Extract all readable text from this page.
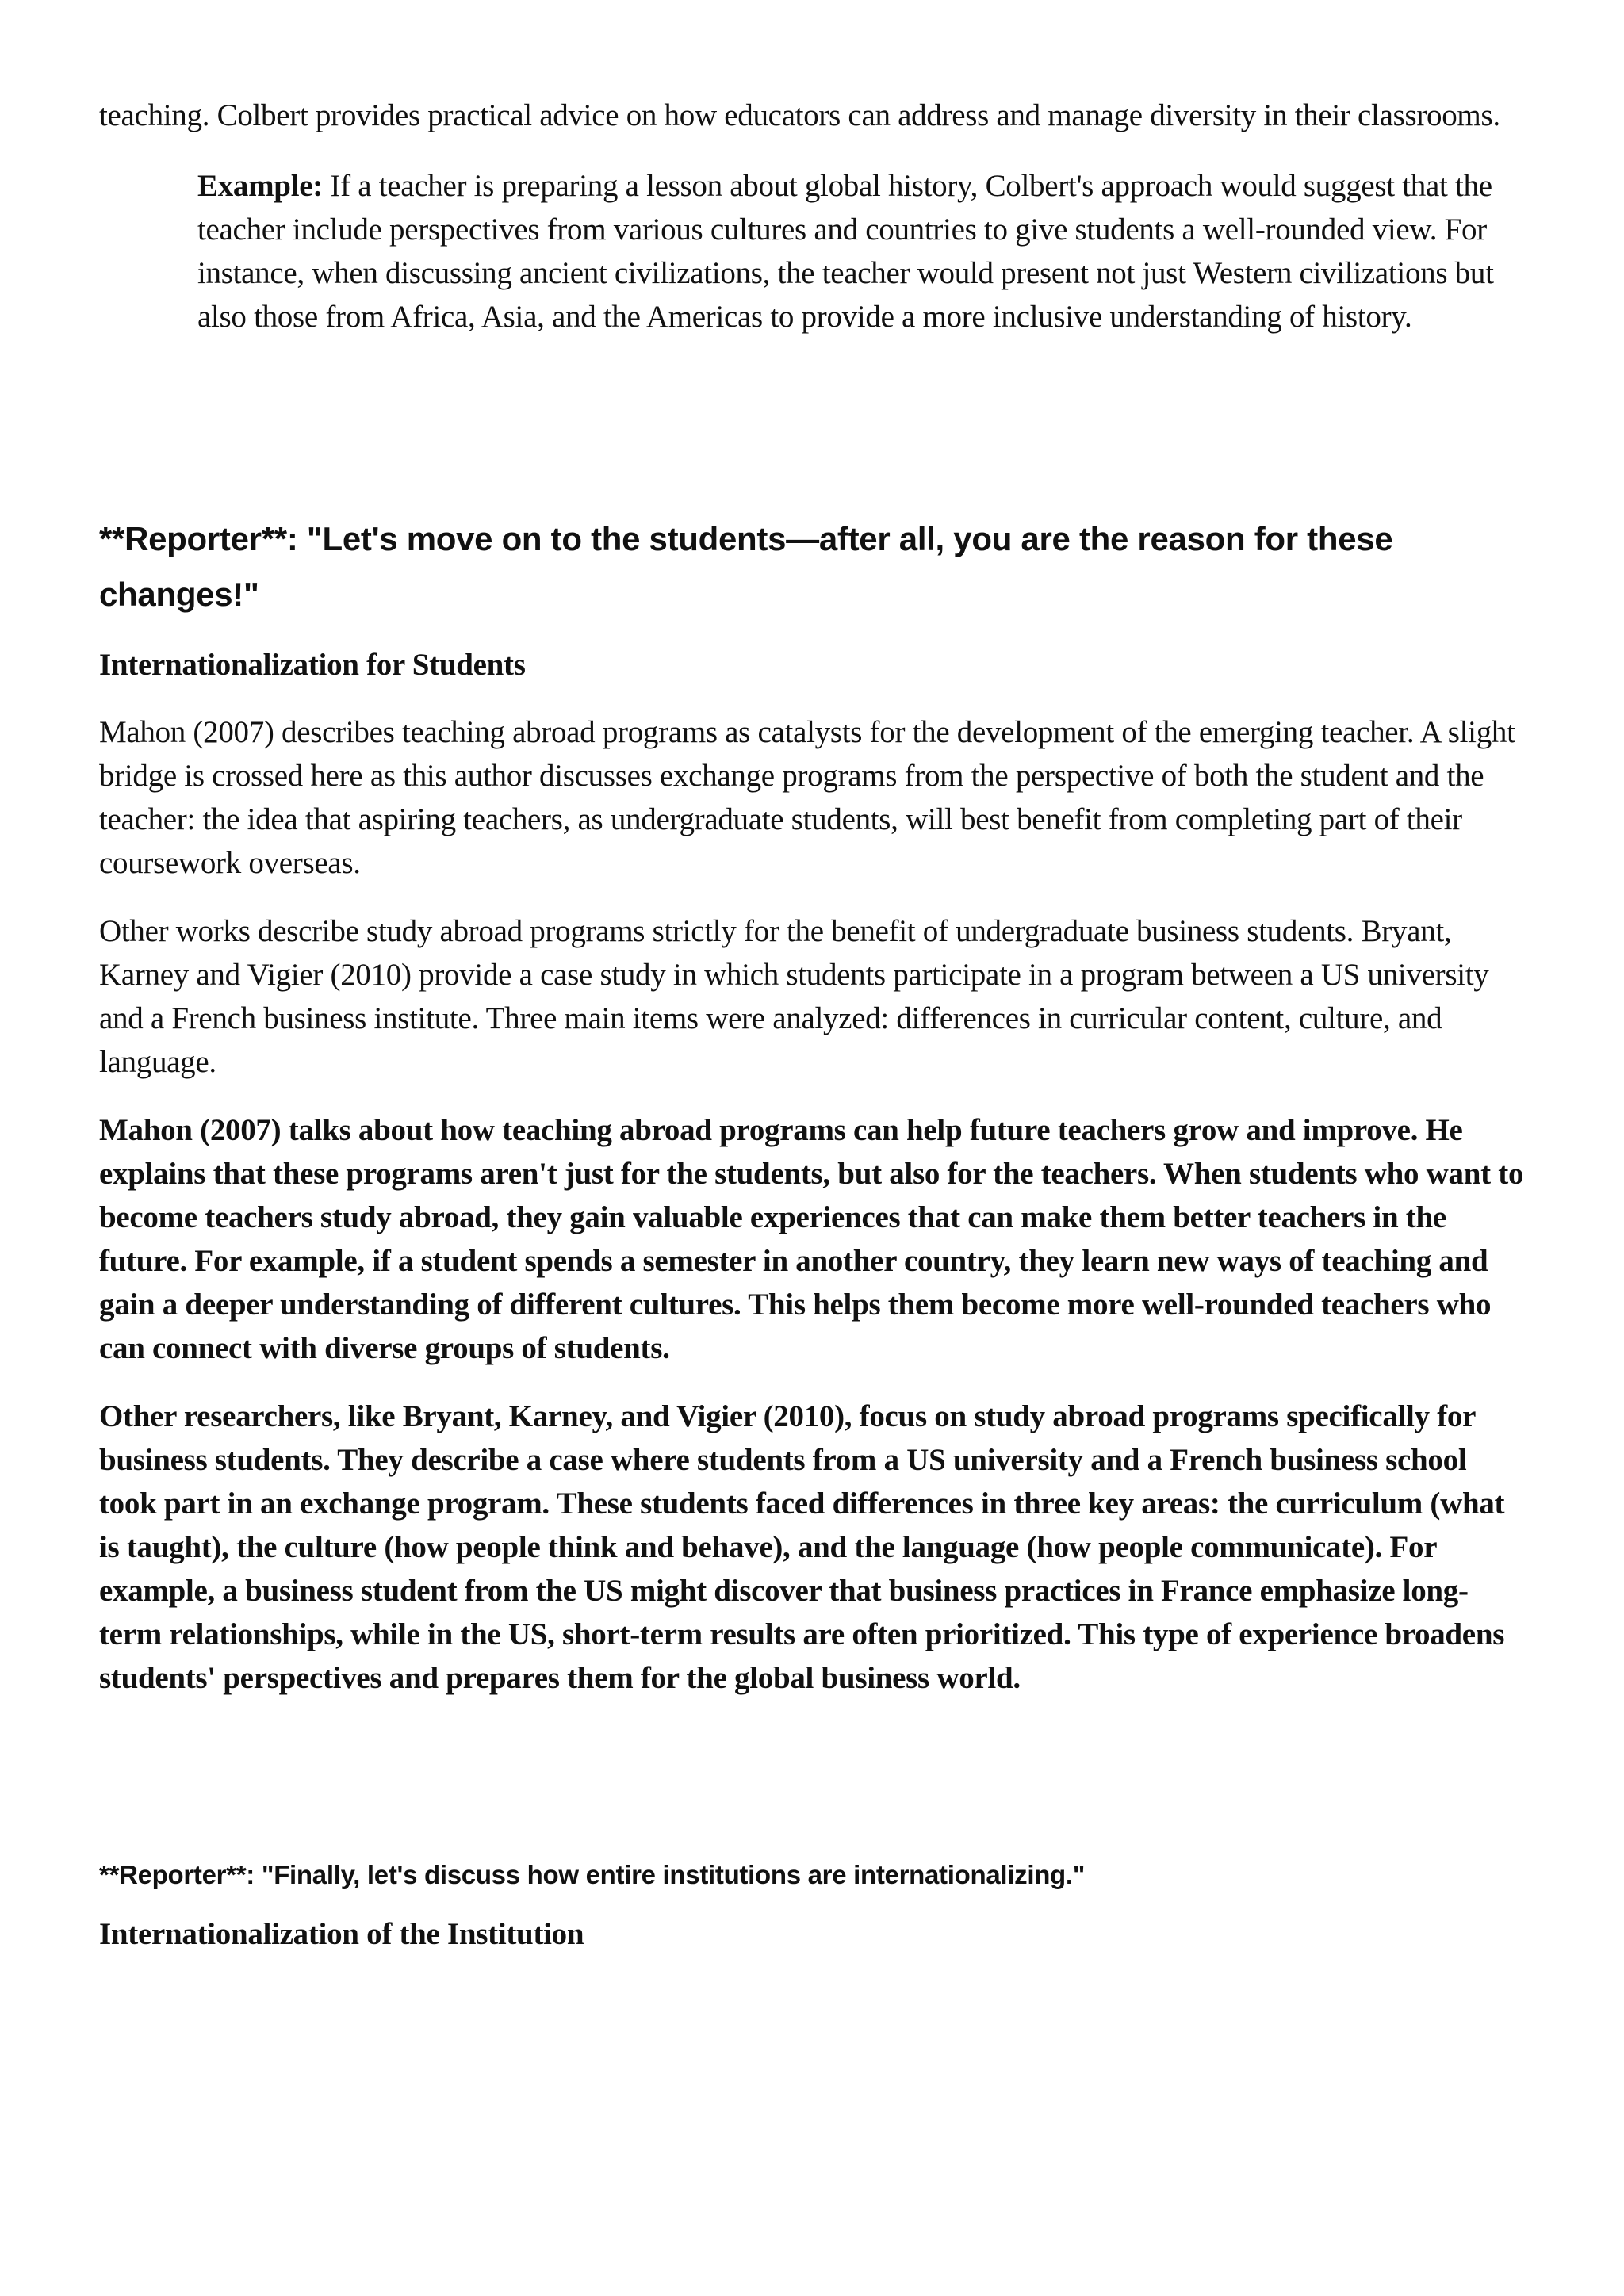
teaching. Colbert provides practical advice on how educators can address and manage diversity in their classrooms.

Example: If a teacher is preparing a lesson about global history, Colbert's approach would suggest that the teacher include perspectives from various cultures and countries to give students a well-rounded view. For instance, when discussing ancient civilizations, the teacher would present not just Western civilizations but also those from Africa, Asia, and the Americas to provide a more inclusive understanding of history.

**Reporter**: "Let's move on to the students—after all, you are the reason for these changes!"
Internationalization for Students

Mahon (2007) describes teaching abroad programs as catalysts for the development of the emerging teacher. A slight bridge is crossed here as this author discusses exchange programs from the perspective of both the student and the teacher: the idea that aspiring teachers, as undergraduate students, will best benefit from completing part of their coursework overseas.

Other works describe study abroad programs strictly for the benefit of undergraduate business students. Bryant, Karney and Vigier (2010) provide a case study in which students participate in a program between a US university and a French business institute. Three main items were analyzed: differences in curricular content, culture, and language.

Mahon (2007) talks about how teaching abroad programs can help future teachers grow and improve. He explains that these programs aren't just for the students, but also for the teachers. When students who want to become teachers study abroad, they gain valuable experiences that can make them better teachers in the future. For example, if a student spends a semester in another country, they learn new ways of teaching and gain a deeper understanding of different cultures. This helps them become more well-rounded teachers who can connect with diverse groups of students.

Other researchers, like Bryant, Karney, and Vigier (2010), focus on study abroad programs specifically for business students. They describe a case where students from a US university and a French business school took part in an exchange program. These students faced differences in three key areas: the curriculum (what is taught), the culture (how people think and behave), and the language (how people communicate). For example, a business student from the US might discover that business practices in France emphasize long-term relationships, while in the US, short-term results are often prioritized. This type of experience broadens students' perspectives and prepares them for the global business world.

**Reporter**: "Finally, let's discuss how entire institutions are internationalizing."
Internationalization of the Institution
